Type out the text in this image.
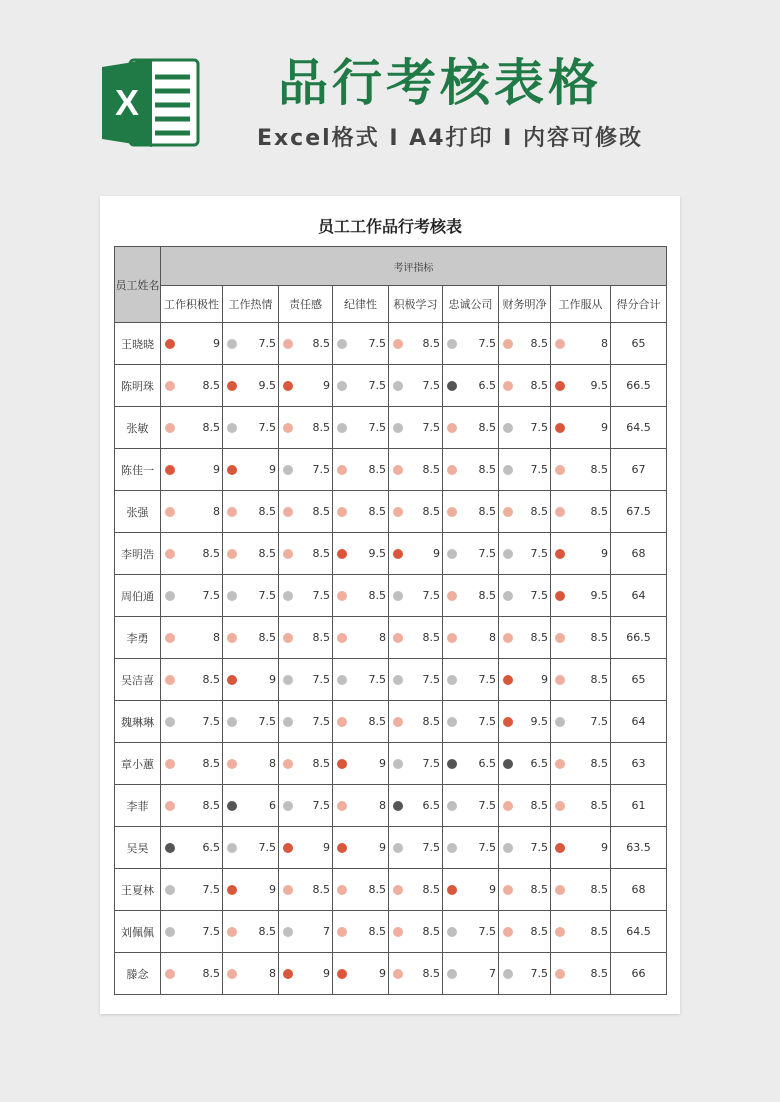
X	品行考核表格
Excel格式 I A4打印 I 内容可修改
员工工作品行考核表
员工姓名	考评指标								
	工作积极性	工作热情	责任感	纪律性	积极学习	忠诚公司	财务明净	工作服从	得分合计
王晓晓	9	7.5	8.5	7.5	8.5	7.5	8.5	8	65
陈明珠	8.5	9.5	9	7.5	7.5	6.5	8.5	9.5	66.5
张敏	8.5	7.5	8.5	7.5	7.5	8.5	7.5	9	64.5
陈佳一	9	9	7.5	8.5	8.5	8.5	7.5	8.5	67
张强	8	8.5	8.5	8.5	8.5	8.5	8.5	8.5	67.5
李明浩	8.5	8.5	8.5	9.5	9	7.5	7.5	9	68
周伯通	7.5	7.5	7.5	8.5	7.5	8.5	7.5	9.5	64
李勇	8	8.5	8.5	8	8.5	8	8.5	8.5	66.5
吴洁喜	8.5	9	7.5	7.5	7.5	7.5	9	8.5	65
魏琳琳	7.5	7.5	7.5	8.5	8.5	7.5	9.5	7.5	64
章小蕙	8.5	8	8.5	9	7.5	6.5	6.5	8.5	63
李菲	8.5	6	7.5	8	6.5	7.5	8.5	8.5	61
吴昊	6.5	7.5	9	9	7.5	7.5	7.5	9	63.5
王夏林	7.5	9	8.5	8.5	8.5	9	8.5	8.5	68
刘佩佩	7.5	8.5	7	8.5	8.5	7.5	8.5	8.5	64.5
滕念	8.5	8	9	9	8.5	7	7.5	8.5	66
